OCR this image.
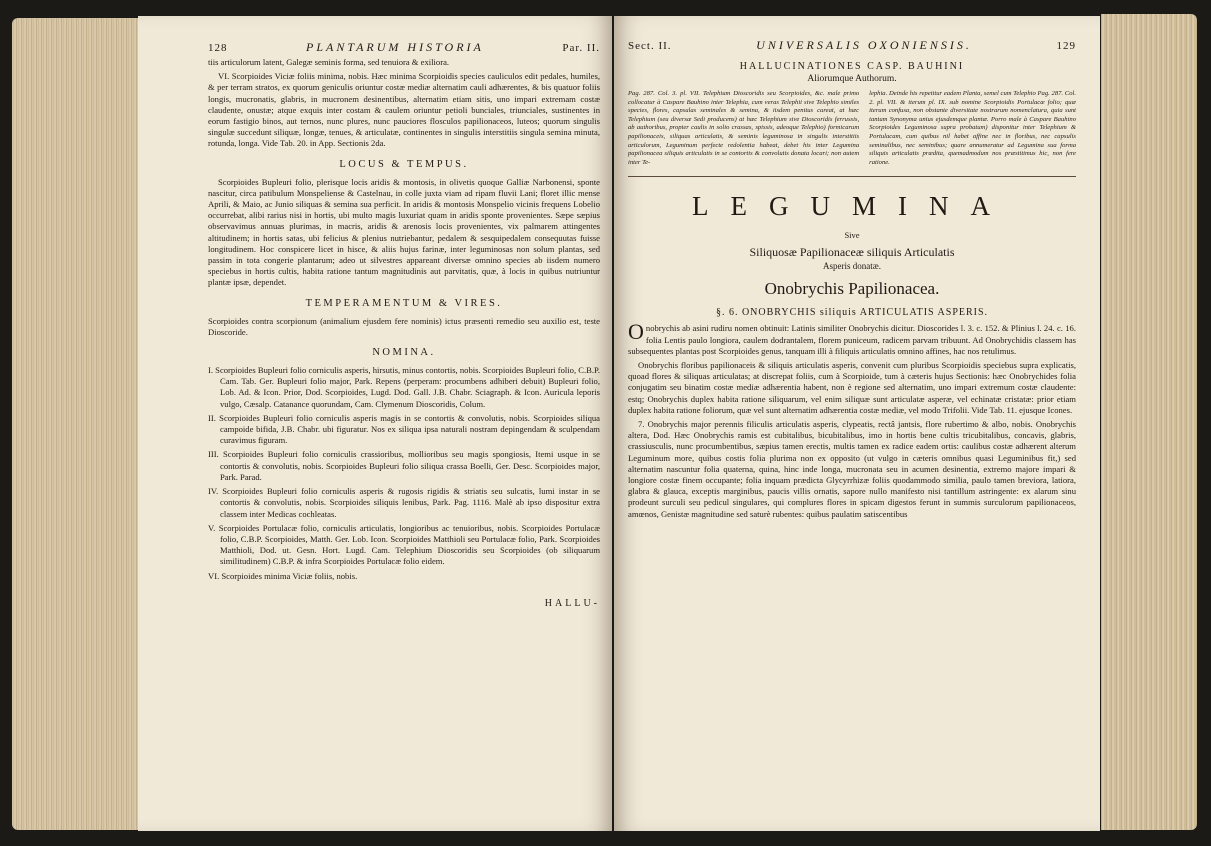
128	PLANTARUM HISTORIA	Par. II.

tiis articulorum latent, Galegæ seminis forma, sed tenuiora & exiliora.

VI. Scorpioides Viciæ foliis minima, nobis. Hæc minima Scorpioidis species cauliculos edit pedales, humiles, & per terram stratos, ex quorum geniculis oriuntur costæ mediæ alternatim cauli adhærentes, & bis quatuor foliis longis, mucronatis, glabris, in mucronem desinentibus, alternatim etiam sitis, uno impari extremam costæ claudente, onustæ; atque exquis inter costam & caulem oriuntur petioli bunciales, triunciales, sustinentes in eorum fastigio binos, aut ternos, nunc plures, nunc pauciores flosculos papilionaceos, luteos; quorum singulis singulæ succedunt siliquæ, longæ, tenues, & articulatæ, continentes in singulis interstitiis singula semina minuta, rotunda, longa. Vide Tab. 20. in App. Sectionis 2da.

LOCUS & TEMPUS.

Scorpioides Bupleuri folio, plerisque locis aridis & montosis, in olivetis quoque Galliæ Narbonensi, sponte nascitur, circa patibulum Monspeliense & Castelnau, in colle juxta viam ad ripam fluvii Lani; floret illic mense Aprili, & Maio, ac Junio siliquas & semina sua perficit. In aridis & montosis Monspelio vicinis frequens Lobelio occurrebat, alibi rarius nisi in hortis, ubi multo magis luxuriat quam in aridis sponte provenientes. Sæpe sæpius observavimus annuas plurimas, in macris, aridis & arenosis locis provenientes, vix palmarem attingentes altitudinem; in hortis satas, ubi felicius & plenius nutriebantur, pedalem & sesquipedalem consequutas fuisse longitudinem. Hoc conspicere licet in hisce, & aliis hujus farinæ, inter leguminosas non solum plantas, sed passim in tota congerie plantarum; adeo ut silvestres appareant diversæ omnino species ab iisdem numero speciebus in hortis cultis, habita ratione tantum magnitudinis aut parvitatis, quæ, à locis in quibus nutriuntur plantæ ipsæ, dependet.

TEMPERAMENTUM & VIRES.

Scorpioides contra scorpionum (animalium ejusdem fere nominis) ictus præsenti remedio seu auxilio est, teste Dioscoride.

NOMINA.

I. Scorpioides Bupleuri folio corniculis asperis, hirsutis, minus contortis, nobis. Scorpioides Bupleuri folio, C.B.P. Cam. Tab. Ger. Bupleuri folio major, Park. Repens (perperam: procumbens adhiberi debuit) Bupleuri folio, Lob. Ad. & Icon. Prior, Dod. Scorpioides, Lugd. Dod. Gall. J.B. Chabr. Sciagraph. & Icon. Auricula leporis vulgo, Cæsalp. Catanance quorundam, Cam. Clymenum Dioscoridis, Colum.

II. Scorpioides Bupleuri folio corniculis asperis magis in se contortis & convolutis, nobis. Scorpioides siliqua campoide bifida, J.B. Chabr. ubi figuratur. Nos ex siliqua ipsa naturali nostram depingendam & sculpendam curavimus figuram.

III. Scorpioides Bupleuri folio corniculis crassioribus, mollioribus seu magis spongiosis, Itemi usque in se contortis & convolutis, nobis. Scorpioides Bupleuri folio siliqua crassa Boelli, Ger. Desc. Scorpioides major, Park. Parad.

IV. Scorpioides Bupleuri folio corniculis asperis & rugosis rigidis & striatis seu sulcatis, lumi instar in se contortis & convolutis, nobis. Scorpioides siliquis lenibus, Park. Pag. 1116. Malè ab ipso dispositur extra classem inter Medicas cochleatas.

V. Scorpioides Portulacæ folio, corniculis articulatis, longioribus ac tenuioribus, nobis. Scorpioides Portulacæ folio, C.B.P. Scorpioides, Matth. Ger. Lob. Icon. Scorpioides Matthioli seu Portulacæ folio, Park. Scorpioides Matthioli, Dod. ut. Gesn. Hort. Lugd. Cam. Telephium Dioscoridis seu Scorpioides (ob siliquarum similitudinem) C.B.P. & infra Scorpioides Portulacæ folio eidem.

VI. Scorpioides minima Viciæ foliis, nobis.

HALLU-
Sect. II.	UNIVERSALIS OXONIENSIS.	129
HALLUCINATIONES CASP. BAUHINI
Aliorumque Authorum.

Pag. 287. Col. 3. pl. VII. Telephium Dioscoridis seu Scorpioides, &c. male primo collocatur à Caspare Bauhino inter Telephia, cum veras Telephii sive Telephio similes species, flores, capsulas seminales & semina, & iisdem penitus careat, at hæc Telephium (seu diversæ Sedi producens) at hæc Telephium sive Dioscoridis ferrussis, ab authoribus, propter caulis in solio crassas, spissis, adeoque Telephio) formicarum papilionaceis, siliquas articulatis, & seminis leguminosa in singulis interstitiis articulorum, Leguminum perfecte redolentia habeat, debet his inter Legumina papilionacea siliquis articulatis in se contortis & convolutis donata locari; non autem inter Te-

lephia. Deinde his repetitur eadem Planta, semel cum Telephio Pag. 287. Col. 2. pl. VII. & iterum pl. IX. sub nomine Scorpioidis Portulacæ folio; quæ iterum confusa, non obstante diversitate nostrarum nomenclatura, quia sunt tantum Synonyma unius ejusdemque plantæ. Porro male à Caspare Bauhino Scorpioides Leguminosa supra probatum) disponitur inter Telephium & Portulacam, cum quibus nil habet affine nec in floribus, nec capsulis seminalibus, nec seminibus; quare annumeratur ad Legumina sua forma siliquis articulatis prædita, quemadmodum nos præstitimus hic, non fere ratione.

LEGUMINA
Sive
Siliquosæ Papilionaceæ siliquis Articulatis
Asperis donatæ.
Onobrychis Papilionacea.
§. 6. ONOBRYCHIS siliquis ARTICULATIS ASPERIS.

Onobrychis ab asini rudiru nomen obtinuit: Latinis similiter Onobrychis dicitur. Dioscorides l. 3. c. 152. & Plinius l. 24. c. 16. folia Lentis paulo longiora, caulem dodrantalem, florem puniceum, radicem parvam tribuunt. Ad Onobrychidis classem has subsequentes plantas post Scorpioides genus, tanquam illi à filiquis articulatis omnino affines, hac nos retulimus.

Onobrychis floribus papilionaceis & siliquis articulatis asperis, convenit cum pluribus Scorpioidis speciebus supra explicatis, quoad flores & siliquas articulatas; at discrepat foliis, cum à Scorpioide, tum à cæteris hujus Sectionis: hæc Onobrychides folia conjugatim seu binatim costæ mediæ adhærentia habent, non è regione sed alternatim, uno impari extremum costæ claudente: estq; Onobrychis duplex habita ratione siliquarum, vel enim siliquæ sunt articulatæ asperæ, vel echinatæ cristatæ: prior etiam duplex habita ratione foliorum, quæ vel sunt alternatim adhærentia costæ mediæ, vel modo Trifolii. Vide Tab. 11. ejusque Icones.

7. Onobrychis major perennis filiculis articulatis asperis, clypeatis, rectâ jantsis, flore rubertimo & albo, nobis. Onobrychis altera, Dod. Hæc Onobrychis ramis est cubitalibus, bicubitalibus, imo in hortis bene cultis tricubitalibus, concavis, glabris, crassiusculis, nunc procumbentibus, sæpius tamen erectis, multis tamen ex radice eadem ortis: caulibus costæ adhærent alterum Leguminum more, quibus costis folia plurima non ex opposito (ut vulgo in cæteris omnibus quasi Leguminibus fit,) sed alternatim nascuntur folia quaterna, quina, hinc inde longa, mucronata seu in acumen desinentia, extremo majore impari & longiore costæ finem occupante; folia inquam prædicta Glycyrrhizæ foliis quodammodo similia, paulo tamen breviora, latiora, glabra & glauca, exceptis marginibus, paucis villis ornatis, sapore nullo manifesto nisi tantillum astringente: ex alarum sinu prodeunt surculi seu pedicul singulares, qui complures flores in spicam digestos ferunt in summis surculorum papilionaceos, amœnos, Genistæ magnitudine sed saturè rubentes: quibus paulatim satiscentibus
